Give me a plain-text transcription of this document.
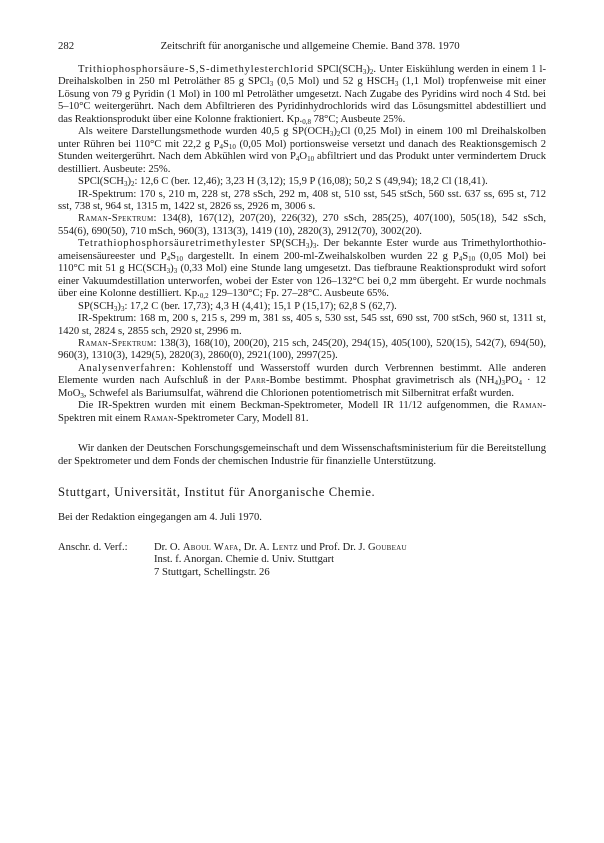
282	Zeitschrift für anorganische und allgemeine Chemie. Band 378. 1970

Trithiophosphorsäure-S,S-dimethylesterchlorid $SPCl(SCH_3)_2$. Unter Eiskühlung werden in einem 1 l-Dreihalskolben in 250 ml Petroläther 85 g SPCl$_3$ (0,5 Mol) und 52 g $HSCH_3$ (1,1 Mol) tropfenweise mit einer Lösung von 79 g Pyridin (1 Mol) in 100 ml Petroläther umgesetzt. Nach Zugabe des Pyridins wird noch 4 Std. bei 5–10°C weitergerührt. Nach dem Abfiltrieren des Pyridinhydrochlorids wird das Lösungsmittel abdestilliert und das Reaktionsprodukt über eine Kolonne fraktioniert. $Kp._{0,8}$ 78°C; Ausbeute 25%.

Als weitere Darstellungsmethode wurden 40,5 g $SP(OCH_3)_2Cl$ (0,25 Mol) in einem 100 ml Dreihalskolben unter Rühren bei 110°C mit 22,2 g $P_4S_{10}$ (0,05 Mol) portionsweise versetzt und danach des Reaktionsgemisch 2 Stunden weitergerührt. Nach dem Abkühlen wird von $P_4O_{10}$ abfiltriert und das Produkt unter vermindertem Druck destilliert. Ausbeute: 25%.

$SPCl(SCH_3)_2$: 12,6 C (ber. 12,46); 3,23 H (3,12); 15,9 P (16,08); 50,2 S (49,94); 18,2 Cl (18,41).

IR-Spektrum: 170 s, 210 m, 228 st, 278 sSch, 292 m, 408 st, 510 sst, 545 stSch, 560 sst. 637 ss, 695 st, 712 sst, 738 st, 964 st, 1315 m, 1422 st, 2826 ss, 2926 m, 3006 s.

Raman-Spektrum: 134(8), 167(12), 207(20), 226(32), 270 sSch, 285(25), 407(100), 505(18), 542 sSch, 554(6), 690(50), 710 mSch, 960(3), 1313(3), 1419 (10), 2820(3), 2912(70), 3002(20).

Tetrathiophosphorsäuretrimethylester $SP(SCH_3)_3$. Der bekannte Ester wurde aus Trimethylorthothio-ameisensäureester und $P_4S_{10}$ dargestellt. In einem 200-ml-Zweihalskolben wurden 22 g $P_4S_{10}$ (0,05 Mol) bei 110°C mit 51 g $HC(SCH_3)_3$ (0,33 Mol) eine Stunde lang umgesetzt. Das tiefbraune Reaktionsprodukt wird sofort einer Vakuumdestillation unterworfen, wobei der Ester von 126–132°C bei 0,2 mm übergeht. Er wurde nochmals über eine Kolonne destilliert. $Kp._{0,2}$ 129–130°C; Fp. 27–28°C. Ausbeute 65%.

$SP(SCH_3)_3$: 17,2 C (ber. 17,73); 4,3 H (4,41); 15,1 P (15,17); 62,8 S (62,7).

IR-Spektrum: 168 m, 200 s, 215 s, 299 m, 381 ss, 405 s, 530 sst, 545 sst, 690 sst, 700 stSch, 960 st, 1311 st, 1420 st, 2824 s, 2855 sch, 2920 st, 2996 m.

Raman-Spektrum: 138(3), 168(10), 200(20), 215 sch, 245(20), 294(15), 405(100), 520(15), 542(7), 694(50), 960(3), 1310(3), 1429(5), 2820(3), 2860(0), 2921(100), 2997(25).

Analysenverfahren: Kohlenstoff und Wasserstoff wurden durch Verbrennen bestimmt. Alle anderen Elemente wurden nach Aufschluß in der Parr-Bombe bestimmt. Phosphat gravimetrisch als $(NH_4)_3PO_4 \cdot 12$ MoO$_3$, Schwefel als Bariumsulfat, während die Chlorionen potentiometrisch mit Silbernitrat erfaßt wurden.

Die IR-Spektren wurden mit einem Beckman-Spektrometer, Modell IR 11/12 aufgenommen, die Raman-Spektren mit einem Raman-Spektrometer Cary, Modell 81.

Wir danken der Deutschen Forschungsgemeinschaft und dem Wissenschaftsministerium für die Bereitstellung der Spektrometer und dem Fonds der chemischen Industrie für finanzielle Unterstützung.

Stuttgart, Universität, Institut für Anorganische Chemie.

Bei der Redaktion eingegangen am 4. Juli 1970.

Anschr. d. Verf.:	Dr. O. Aboul Wafa, Dr. A. Lentz und Prof. Dr. J. Goubeau
Inst. f. Anorgan. Chemie d. Univ. Stuttgart
7 Stuttgart, Schellingstr. 26
